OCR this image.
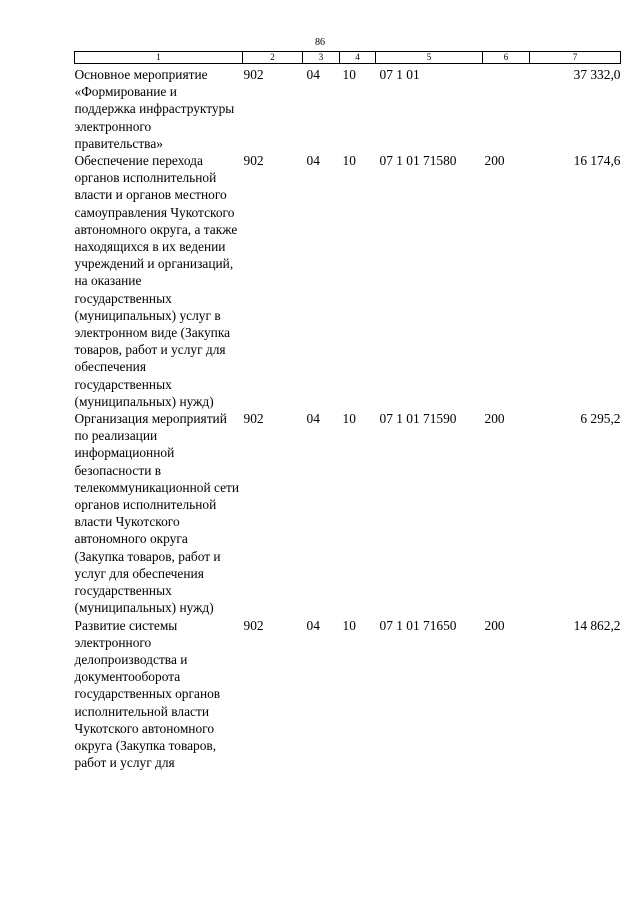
86
1	2	3	4	5	6	7
Основное мероприятие «Формирование и поддержка инфраструктуры электронного правительства»	902	04	10	07 1 01		37 332,0
Обеспечение перехода органов исполнительной власти и органов местного самоуправления Чукотского автономного округа, а также находящихся в их ведении учреждений и организаций, на оказание государственных (муниципальных) услуг в электронном виде (Закупка товаров, работ и услуг для обеспечения государственных (муниципальных) нужд)	902	04	10	07 1 01 71580	200	16 174,6
Организация мероприятий по реализации информационной безопасности в телекоммуникационной сети органов исполнительной власти Чукотского автономного округа (Закупка товаров, работ и услуг для обеспечения государственных (муниципальных) нужд)	902	04	10	07 1 01 71590	200	6 295,2
Развитие системы электронного делопроизводства и документооборота государственных органов исполнительной власти Чукотского автономного округа (Закупка товаров, работ и услуг для	902	04	10	07 1 01 71650	200	14 862,2
